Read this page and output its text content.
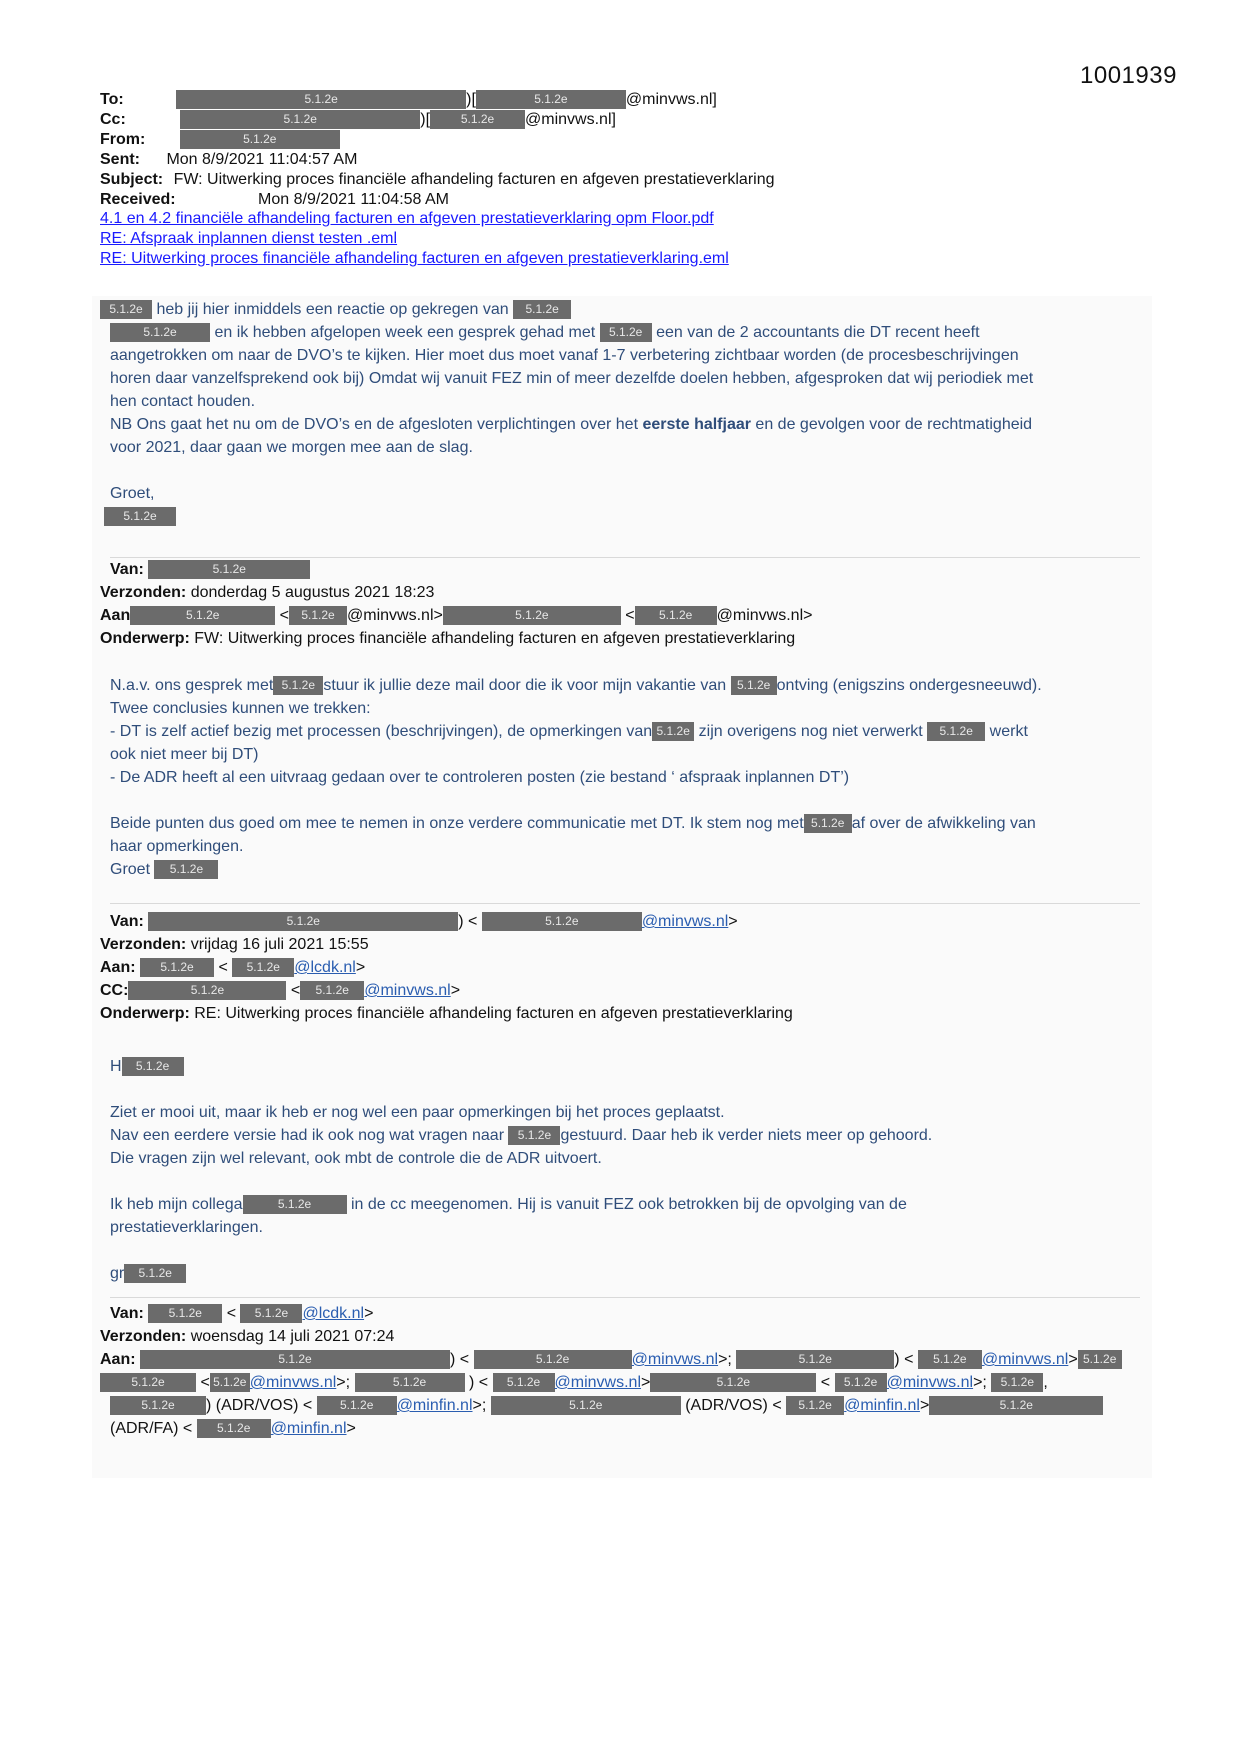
1001939
To:	5.1.2e	)[	5.1.2e	@minvws.nl]
Cc:	5.1.2e	)[	5.1.2e @minvws.nl]
From:	5.1.2e
Sent: Mon 8/9/2021 11:04:57 AM
Subject: FW: Uitwerking proces financiële afhandeling facturen en afgeven prestatieverklaring
Received:	Mon 8/9/2021 11:04:58 AM
4.1 en 4.2 financiële afhandeling facturen en afgeven prestatieverklaring opm Floor.pdf
RE: Afspraak inplannen dienst testen .eml
RE: Uitwerking proces financiële afhandeling facturen en afgeven prestatieverklaring.eml

5.1.2e heb jij hier inmiddels een reactie op gekregen van 5.1.2e

5.1.2e en ik hebben afgelopen week een gesprek gehad met 5.1.2e een van de 2 accountants die DT recent heeft

aangetrokken om naar de DVO’s te kijken. Hier moet dus moet vanaf 1-7 verbetering zichtbaar worden (de procesbeschrijvingen

horen daar vanzelfsprekend ook bij) Omdat wij vanuit FEZ min of meer dezelfde doelen hebben, afgesproken dat wij periodiek met

hen contact houden.

NB Ons gaat het nu om de DVO’s en de afgesloten verplichtingen over het eerste halfjaar en de gevolgen voor de rechtmatigheid

voor 2021, daar gaan we morgen mee aan de slag.

Groet,

5.1.2e

Van:	5.1.2e
Verzonden: donderdag 5 augustus 2021 18:23
Aan	5.1.2e	< 5.1.2e @minvws.nl>	5.1.2e	< 5.1.2e @minvws.nl>
Onderwerp: FW: Uitwerking proces financiële afhandeling facturen en afgeven prestatieverklaring

N.a.v. ons gesprek met 5.1.2e stuur ik jullie deze mail door die ik voor mijn vakantie van 5.1.2e ontving (enigszins ondergesneeuwd).

Twee conclusies kunnen we trekken:

- DT is zelf actief bezig met processen (beschrijvingen), de opmerkingen van 5.1.2e zijn overigens nog niet verwerkt 5.1.2e werkt

ook niet meer bij DT)

- De ADR heeft al een uitvraag gedaan over te controleren posten (zie bestand ‘ afspraak inplannen DT’)

Beide punten dus goed om mee te nemen in onze verdere communicatie met DT. Ik stem nog met 5.1.2e af over de afwikkeling van

haar opmerkingen.

Groet 5.1.2e

Van:	5.1.2e	) <	5.1.2e	@minvws.nl>
Verzonden: vrijdag 16 juli 2021 15:55
Aan: 5.1.2e < 5.1.2e @lcdk.nl>
CC:	5.1.2e	< 5.1.2e @minvws.nl>
Onderwerp: RE: Uitwerking proces financiële afhandeling facturen en afgeven prestatieverklaring

H 5.1.2e

Ziet er mooi uit, maar ik heb er nog wel een paar opmerkingen bij het proces geplaatst.

Nav een eerdere versie had ik ook nog wat vragen naar 5.1.2e gestuurd. Daar heb ik verder niets meer op gehoord.

Die vragen zijn wel relevant, ook mbt de controle die de ADR uitvoert.

Ik heb mijn collega	5.1.2e in de cc meegenomen. Hij is vanuit FEZ ook betrokken bij de opvolging van de

prestatieverklaringen.

gr 5.1.2e

Van: 5.1.2e < 5.1.2e @lcdk.nl>
Verzonden: woensdag 14 juli 2021 07:24
Aan:	5.1.2e	) <	5.1.2e	@minvws.nl>;	5.1.2e	) < 5.1.2e @minvws.nl> 5.1.2e
5.1.2e < 5.1.2e @minvws.nl>;	5.1.2e ) < 5.1.2e @minvws.nl>	5.1.2e	< 5.1.2e @minvws.nl>; 5.1.2e ,
5.1.2e ) (ADR/VOS) < 5.1.2e @minfin.nl>;	5.1.2e	(ADR/VOS) < 5.1.2e @minfin.nl>	5.1.2e
(ADR/FA) < 5.1.2e @minfin.nl>
